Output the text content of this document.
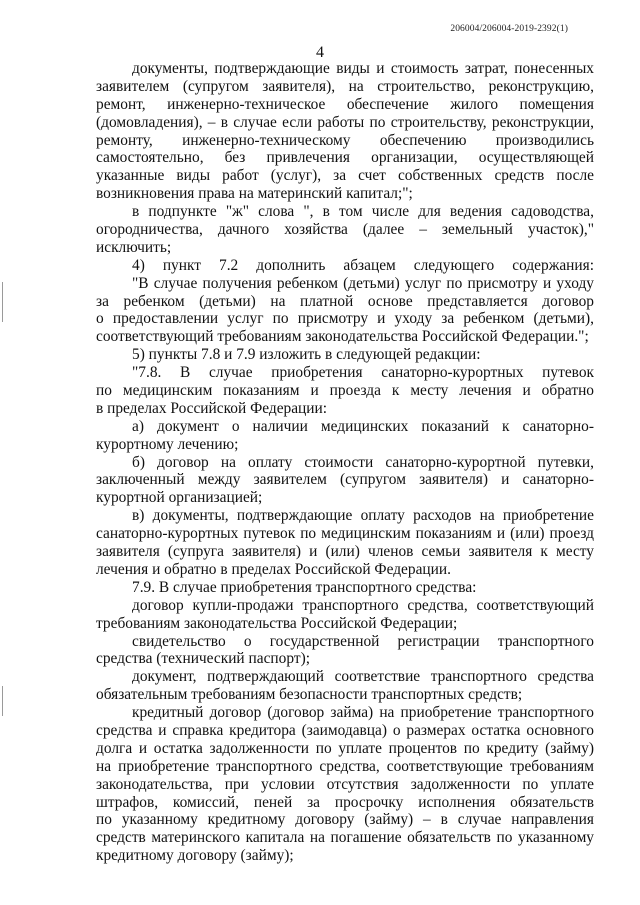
206004/206004-2019-2392(1)
4
документы, подтверждающие виды и стоимость затрат, понесенных
заявителем (супругом заявителя), на строительство, реконструкцию,
ремонт, инженерно-техническое обеспечение жилого помещения
(домовладения), – в случае если работы по строительству, реконструкции,
ремонту, инженерно-техническому обеспечению производились
самостоятельно, без привлечения организации, осуществляющей
указанные виды работ (услуг), за счет собственных средств после
возникновения права на материнский капитал;";
в подпункте "ж" слова ", в том числе для ведения садоводства,
огородничества, дачного хозяйства (далее – земельный участок),"
исключить;
4) пункт 7.2 дополнить абзацем следующего содержания:
"В случае получения ребенком (детьми) услуг по присмотру и уходу
за ребенком (детьми) на платной основе представляется договор
о предоставлении услуг по присмотру и уходу за ребенком (детьми),
соответствующий требованиям законодательства Российской Федерации.";
5) пункты 7.8 и 7.9 изложить в следующей редакции:
"7.8. В случае приобретения санаторно-курортных путевок
по медицинским показаниям и проезда к месту лечения и обратно
в пределах Российской Федерации:
а) документ о наличии медицинских показаний к санаторно-
курортному лечению;
б) договор на оплату стоимости санаторно-курортной путевки,
заключенный между заявителем (супругом заявителя) и санаторно-
курортной организацией;
в) документы, подтверждающие оплату расходов на приобретение
санаторно-курортных путевок по медицинским показаниям и (или) проезд
заявителя (супруга заявителя) и (или) членов семьи заявителя к месту
лечения и обратно в пределах Российской Федерации.
7.9. В случае приобретения транспортного средства:
договор купли-продажи транспортного средства, соответствующий
требованиям законодательства Российской Федерации;
свидетельство о государственной регистрации транспортного
средства (технический паспорт);
документ, подтверждающий соответствие транспортного средства
обязательным требованиям безопасности транспортных средств;
кредитный договор (договор займа) на приобретение транспортного
средства и справка кредитора (заимодавца) о размерах остатка основного
долга и остатка задолженности по уплате процентов по кредиту (займу)
на приобретение транспортного средства, соответствующие требованиям
законодательства, при условии отсутствия задолженности по уплате
штрафов, комиссий, пеней за просрочку исполнения обязательств
по указанному кредитному договору (займу) – в случае направления
средств материнского капитала на погашение обязательств по указанному
кредитному договору (займу);
